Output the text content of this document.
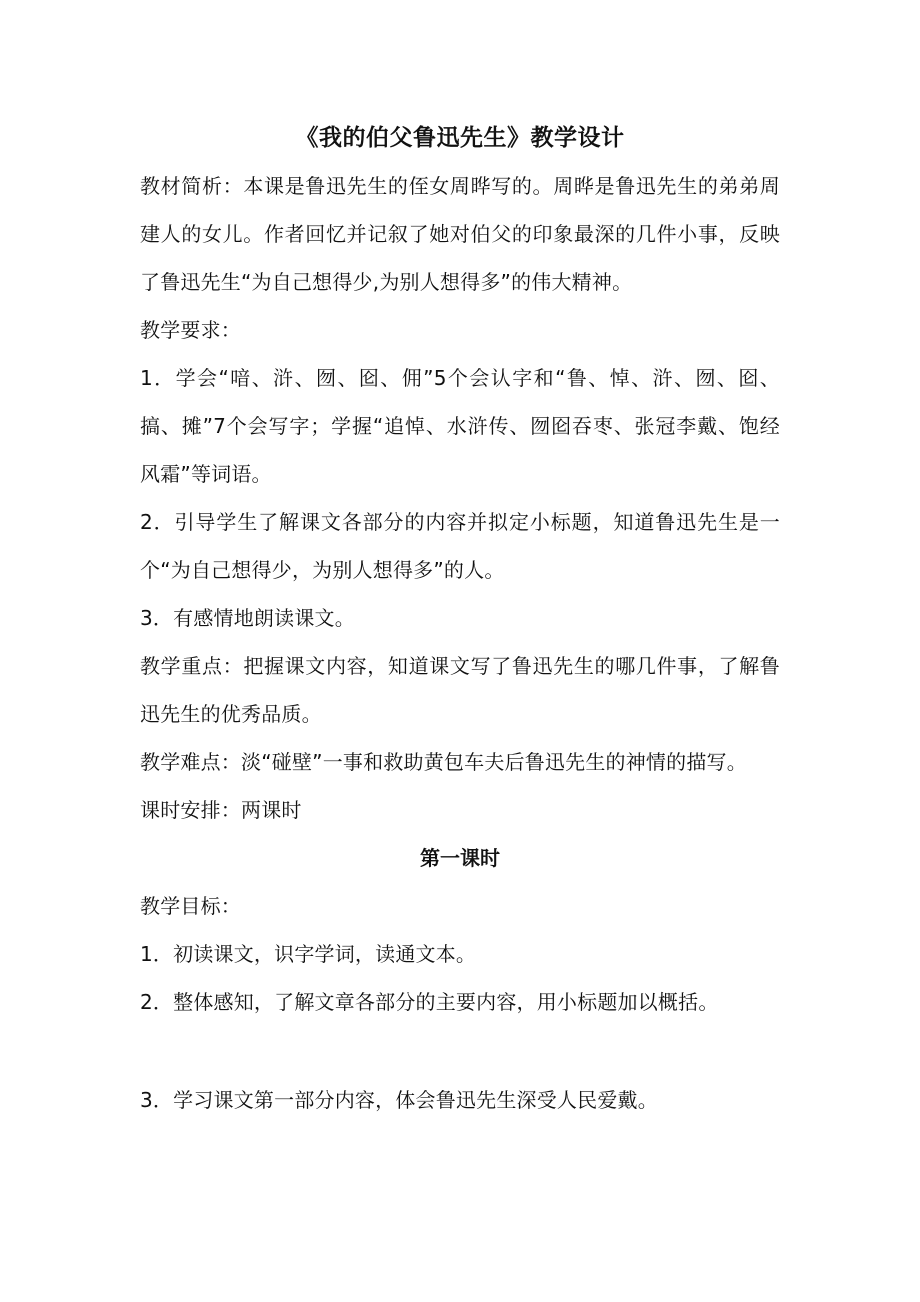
《我的伯父鲁迅先生》教学设计

教材简析：本课是鲁迅先生的侄女周晔写的。周晔是鲁迅先生的弟弟周建人的女儿。作者回忆并记叙了她对伯父的印象最深的几件小事，反映了鲁迅先生“为自己想得少,为别人想得多”的伟大精神。

教学要求：

1．学会“喑、浒、囫、囵、佣”5个会认字和“鲁、悼、浒、囫、囵、搞、摊”7个会写字；学握“追悼、水浒传、囫囵吞枣、张冠李戴、饱经风霜”等词语。

2．引导学生了解课文各部分的内容并拟定小标题，知道鲁迅先生是一个“为自己想得少，为别人想得多”的人。

3．有感情地朗读课文。

教学重点：把握课文内容，知道课文写了鲁迅先生的哪几件事，了解鲁迅先生的优秀品质。

教学难点：淡“碰壁”一事和救助黄包车夫后鲁迅先生的神情的描写。

课时安排：两课时

第一课时

教学目标：

1．初读课文，识字学词，读通文本。

2．整体感知，了解文章各部分的主要内容，用小标题加以概括。

3．学习课文第一部分内容，体会鲁迅先生深受人民爱戴。
